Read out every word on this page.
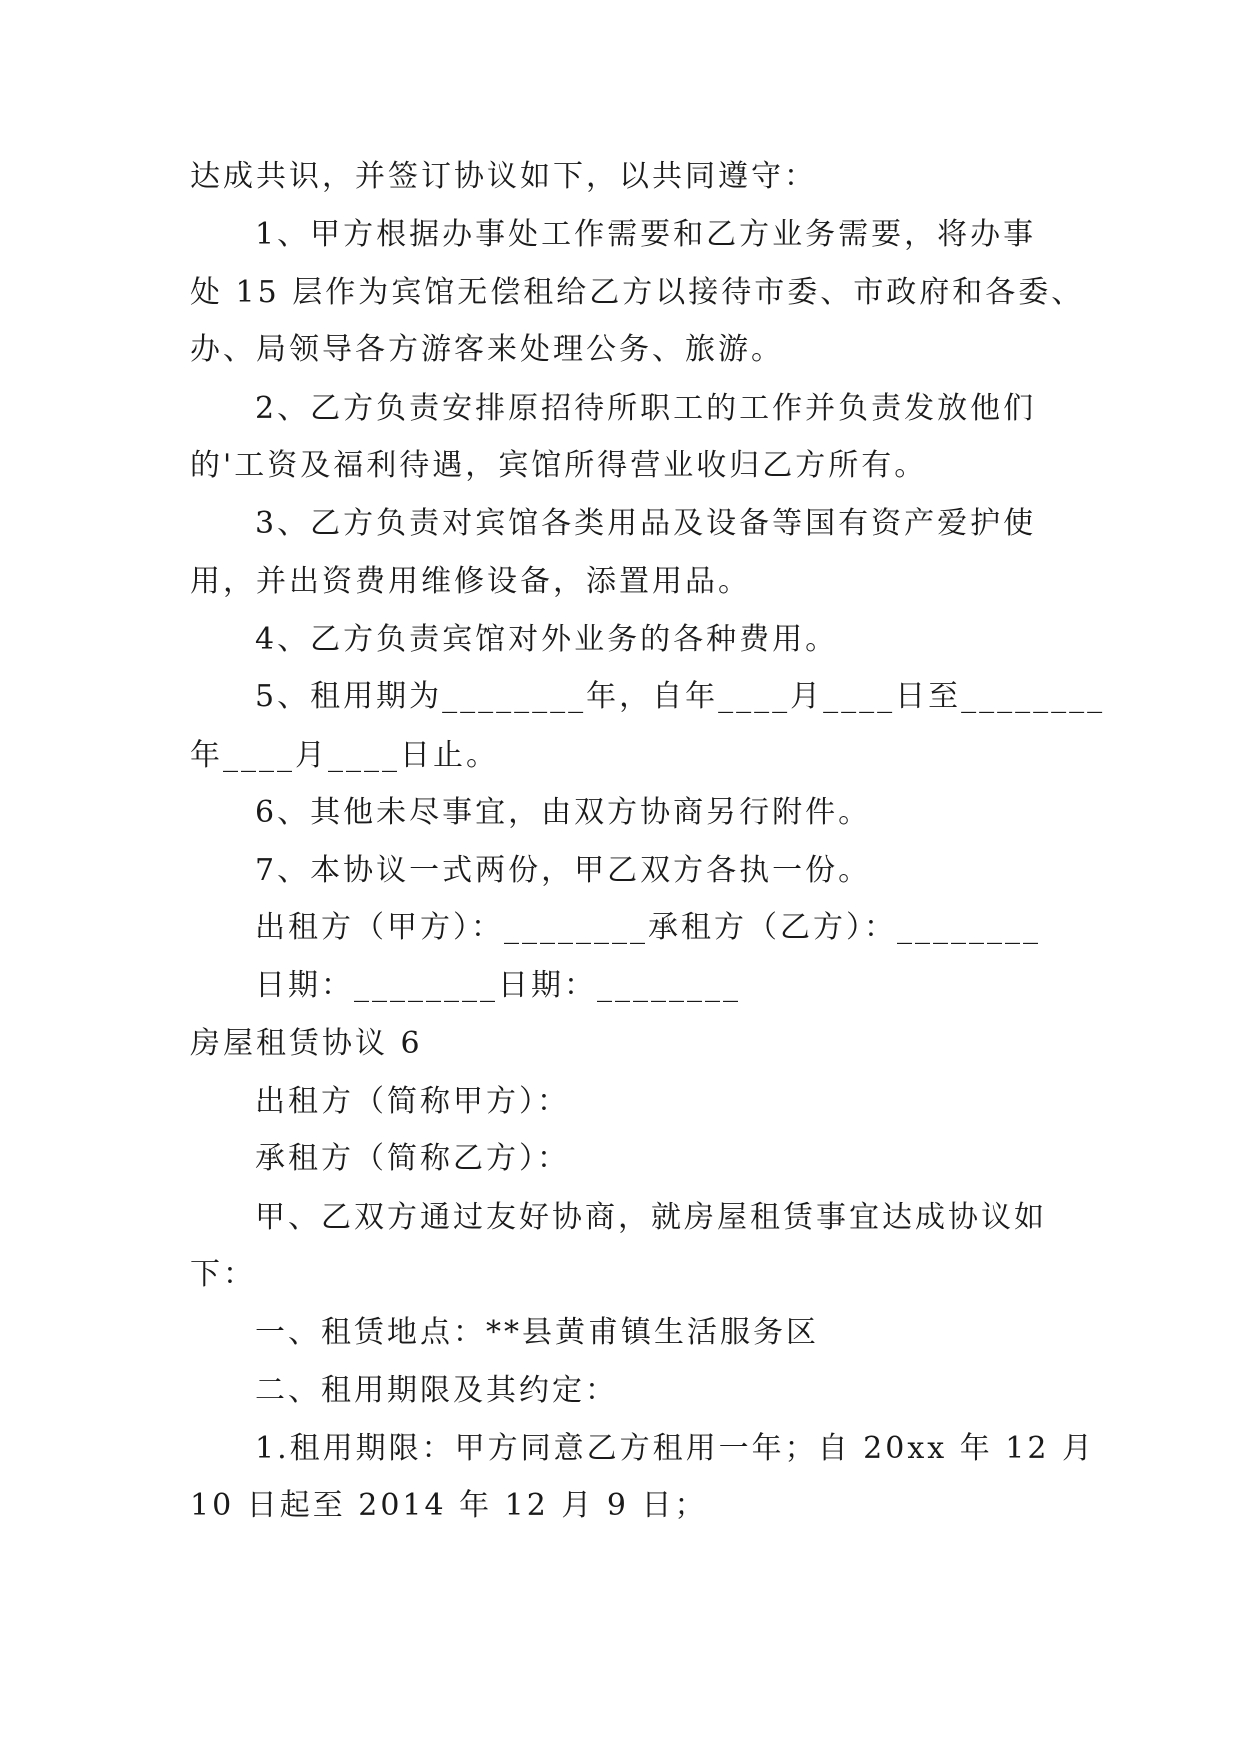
达成共识，并签订协议如下，以共同遵守：
1、甲方根据办事处工作需要和乙方业务需要，将办事
处 15 层作为宾馆无偿租给乙方以接待市委、市政府和各委、
办、局领导各方游客来处理公务、旅游。
2、乙方负责安排原招待所职工的工作并负责发放他们
的'工资及福利待遇，宾馆所得营业收归乙方所有。
3、乙方负责对宾馆各类用品及设备等国有资产爱护使
用，并出资费用维修设备，添置用品。
4、乙方负责宾馆对外业务的各种费用。
5、租用期为________年，自年____月____日至________
年____月____日止。
6、其他未尽事宜，由双方协商另行附件。
7、本协议一式两份，甲乙双方各执一份。
出租方（甲方）：________承租方（乙方）：________
日期：________日期：________
房屋租赁协议 6
出租方（简称甲方）：
承租方（简称乙方）：
甲、乙双方通过友好协商，就房屋租赁事宜达成协议如
下：
一、租赁地点：**县黄甫镇生活服务区
二、租用期限及其约定：
1.租用期限：甲方同意乙方租用一年；自 20xx 年 12 月
10 日起至 2014 年 12 月 9 日；
